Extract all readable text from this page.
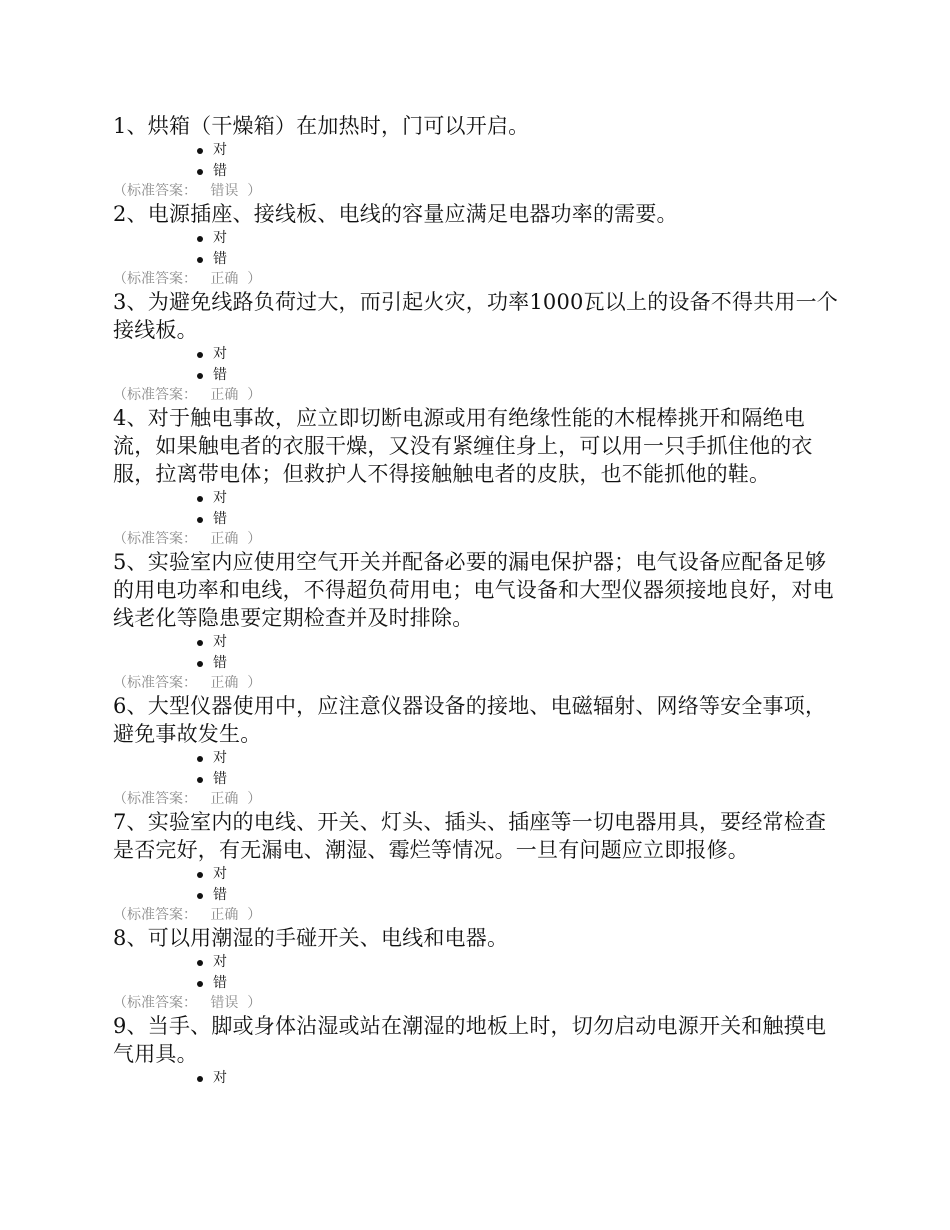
1、烘箱（干燥箱）在加热时，门可以开启。

对
错
（标准答案： 错误 ）

2、电源插座、接线板、电线的容量应满足电器功率的需要。

对
错
（标准答案： 正确 ）

3、为避免线路负荷过大，而引起火灾，功率1000瓦以上的设备不得共用一个接线板。

对
错
（标准答案： 正确 ）

4、对于触电事故，应立即切断电源或用有绝缘性能的木棍棒挑开和隔绝电流，如果触电者的衣服干燥，又没有紧缠住身上，可以用一只手抓住他的衣服，拉离带电体；但救护人不得接触触电者的皮肤，也不能抓他的鞋。

对
错
（标准答案： 正确 ）

5、实验室内应使用空气开关并配备必要的漏电保护器；电气设备应配备足够的用电功率和电线，不得超负荷用电；电气设备和大型仪器须接地良好，对电线老化等隐患要定期检查并及时排除。

对
错
（标准答案： 正确 ）

6、大型仪器使用中，应注意仪器设备的接地、电磁辐射、网络等安全事项，避免事故发生。

对
错
（标准答案： 正确 ）

7、实验室内的电线、开关、灯头、插头、插座等一切电器用具，要经常检查是否完好，有无漏电、潮湿、霉烂等情况。一旦有问题应立即报修。

对
错
（标准答案： 正确 ）

8、可以用潮湿的手碰开关、电线和电器。

对
错
（标准答案： 错误 ）

9、当手、脚或身体沾湿或站在潮湿的地板上时，切勿启动电源开关和触摸电气用具。

对
